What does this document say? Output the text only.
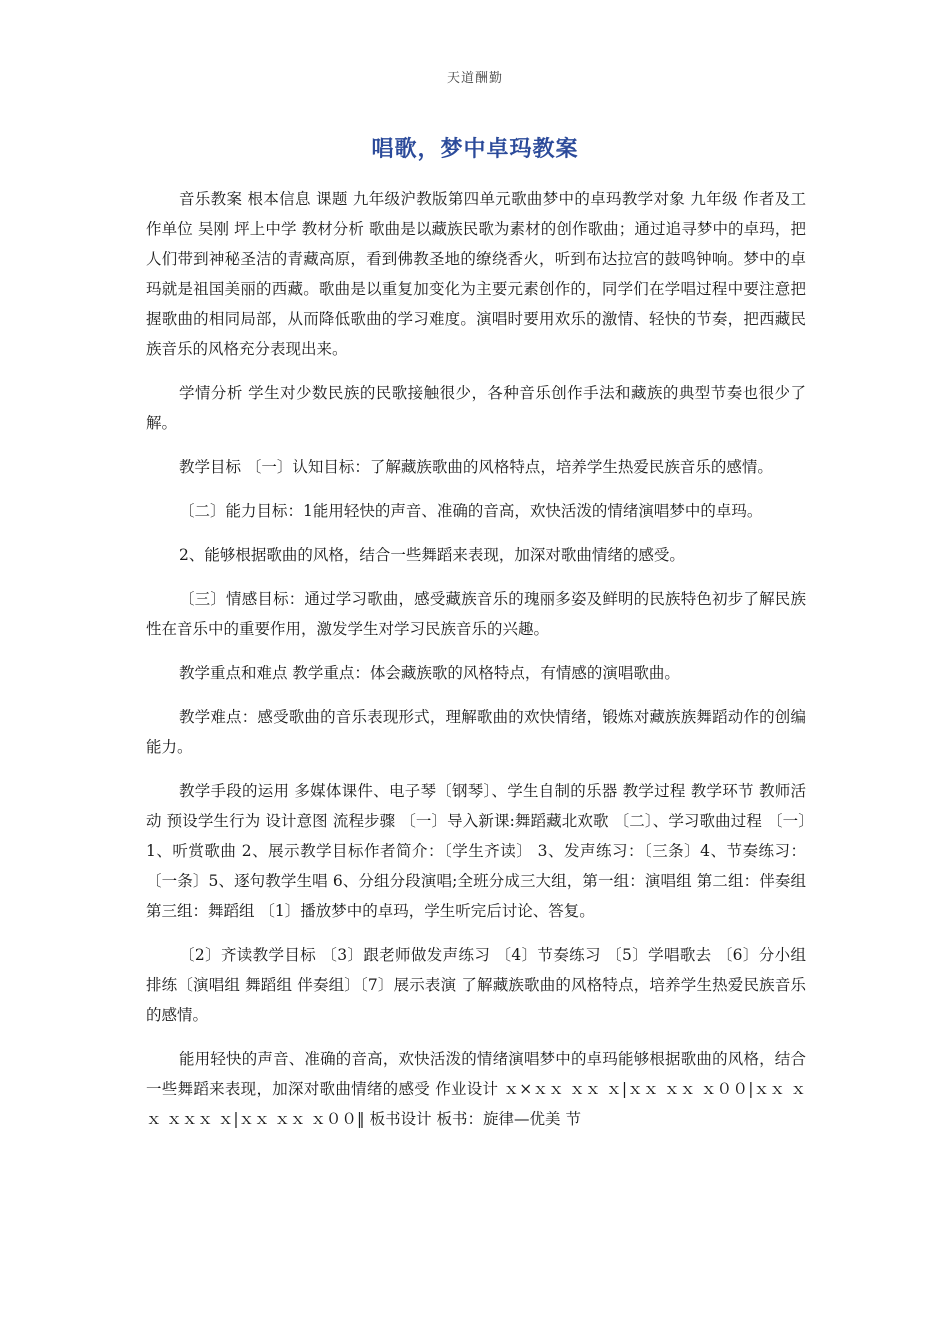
天道酬勤
唱歌，梦中卓玛教案

音乐教案 根本信息 课题 九年级沪教版第四单元歌曲梦中的卓玛教学对象 九年级 作者及工作单位 吴刚 坪上中学 教材分析 歌曲是以藏族民歌为素材的创作歌曲；通过追寻梦中的卓玛，把人们带到神秘圣洁的青藏高原，看到佛教圣地的缭绕香火，听到布达拉宫的鼓鸣钟响。梦中的卓玛就是祖国美丽的西藏。歌曲是以重复加变化为主要元素创作的，同学们在学唱过程中要注意把握歌曲的相同局部，从而降低歌曲的学习难度。演唱时要用欢乐的激情、轻快的节奏，把西藏民族音乐的风格充分表现出来。

学情分析 学生对少数民族的民歌接触很少，各种音乐创作手法和藏族的典型节奏也很少了解。

教学目标 〔一〕认知目标：了解藏族歌曲的风格特点，培养学生热爱民族音乐的感情。

〔二〕能力目标：1能用轻快的声音、准确的音高，欢快活泼的情绪演唱梦中的卓玛。

2、能够根据歌曲的风格，结合一些舞蹈来表现，加深对歌曲情绪的感受。

〔三〕情感目标：通过学习歌曲，感受藏族音乐的瑰丽多姿及鲜明的民族特色初步了解民族性在音乐中的重要作用，激发学生对学习民族音乐的兴趣。

教学重点和难点 教学重点：体会藏族歌的风格特点，有情感的演唱歌曲。

教学难点：感受歌曲的音乐表现形式，理解歌曲的欢快情绪，锻炼对藏族族舞蹈动作的创编能力。

教学手段的运用 多媒体课件、电子琴〔钢琴〕、学生自制的乐器 教学过程 教学环节 教师活动 预设学生行为 设计意图 流程步骤 〔一〕导入新课:舞蹈藏北欢歌 〔二〕、学习歌曲过程 〔一〕1、听赏歌曲 2、展示教学目标作者简介：〔学生齐读〕 3、发声练习：〔三条〕4、节奏练习：〔一条〕5、逐句教学生唱 6、分组分段演唱;全班分成三大组，第一组：演唱组 第二组：伴奏组 第三组：舞蹈组 〔1〕播放梦中的卓玛，学生听完后讨论、答复。

〔2〕齐读教学目标 〔3〕跟老师做发声练习 〔4〕节奏练习 〔5〕学唱歌去 〔6〕分小组排练〔演唱组 舞蹈组 伴奏组〕〔7〕展示表演 了解藏族歌曲的风格特点，培养学生热爱民族音乐的感情。

能用轻快的声音、准确的音高，欢快活泼的情绪演唱梦中的卓玛能够根据歌曲的风格，结合一些舞蹈来表现，加深对歌曲情绪的感受 作业设计 ｘ×ｘｘ ｘｘ ｘ|ｘｘ ｘｘ ｘ００|ｘｘ ｘｘ ｘｘｘ ｘ|ｘｘ ｘｘ ｘ００‖ 板书设计 板书：旋律—优美 节
